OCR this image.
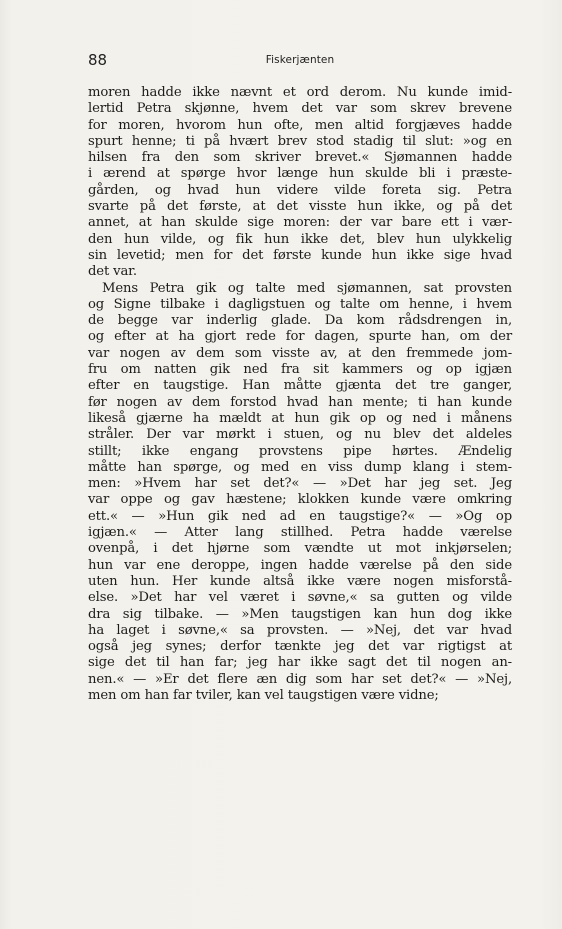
88	Fiskerjænten
moren hadde ikke nævnt et ord derom. Nu kunde imid-
lertid Petra skjønne, hvem det var som skrev brevene
for moren, hvorom hun ofte, men altid forgjæves hadde
spurt henne; ti på hvært brev stod stadig til slut: »og en
hilsen fra den som skriver brevet.« Sjømannen hadde
i ærend at spørge hvor længe hun skulde bli i præste-
gården, og hvad hun videre vilde foreta sig. Petra
svarte på det første, at det visste hun ikke, og på det
annet, at han skulde sige moren: der var bare ett i vær-
den hun vilde, og fik hun ikke det, blev hun ulykkelig
sin levetid; men for det første kunde hun ikke sige hvad
det var.
Mens Petra gik og talte med sjømannen, sat provsten
og Signe tilbake i dagligstuen og talte om henne, i hvem
de begge var inderlig glade. Da kom rådsdrengen in,
og efter at ha gjort rede for dagen, spurte han, om der
var nogen av dem som visste av, at den fremmede jom-
fru om natten gik ned fra sit kammers og op igjæn
efter en taugstige. Han måtte gjænta det tre ganger,
før nogen av dem forstod hvad han mente; ti han kunde
likeså gjærne ha mældt at hun gik op og ned i månens
stråler. Der var mørkt i stuen, og nu blev det aldeles
stillt; ikke engang provstens pipe hørtes. Ændelig
måtte han spørge, og med en viss dump klang i stem-
men: »Hvem har set det?« — »Det har jeg set. Jeg
var oppe og gav hæstene; klokken kunde være omkring
ett.« — »Hun gik ned ad en taugstige?« — »Og op
igjæn.« — Atter lang stillhed. Petra hadde værelse
ovenpå, i det hjørne som vændte ut mot inkjørselen;
hun var ene deroppe, ingen hadde værelse på den side
uten hun. Her kunde altså ikke være nogen misforstå-
else. »Det har vel været i søvne,« sa gutten og vilde
dra sig tilbake. — »Men taugstigen kan hun dog ikke
ha laget i søvne,« sa provsten. — »Nej, det var hvad
også jeg synes; derfor tænkte jeg det var rigtigst at
sige det til han far; jeg har ikke sagt det til nogen an-
nen.« — »Er det flere æn dig som har set det?« — »Nej,
men om han far tviler, kan vel taugstigen være vidne;
